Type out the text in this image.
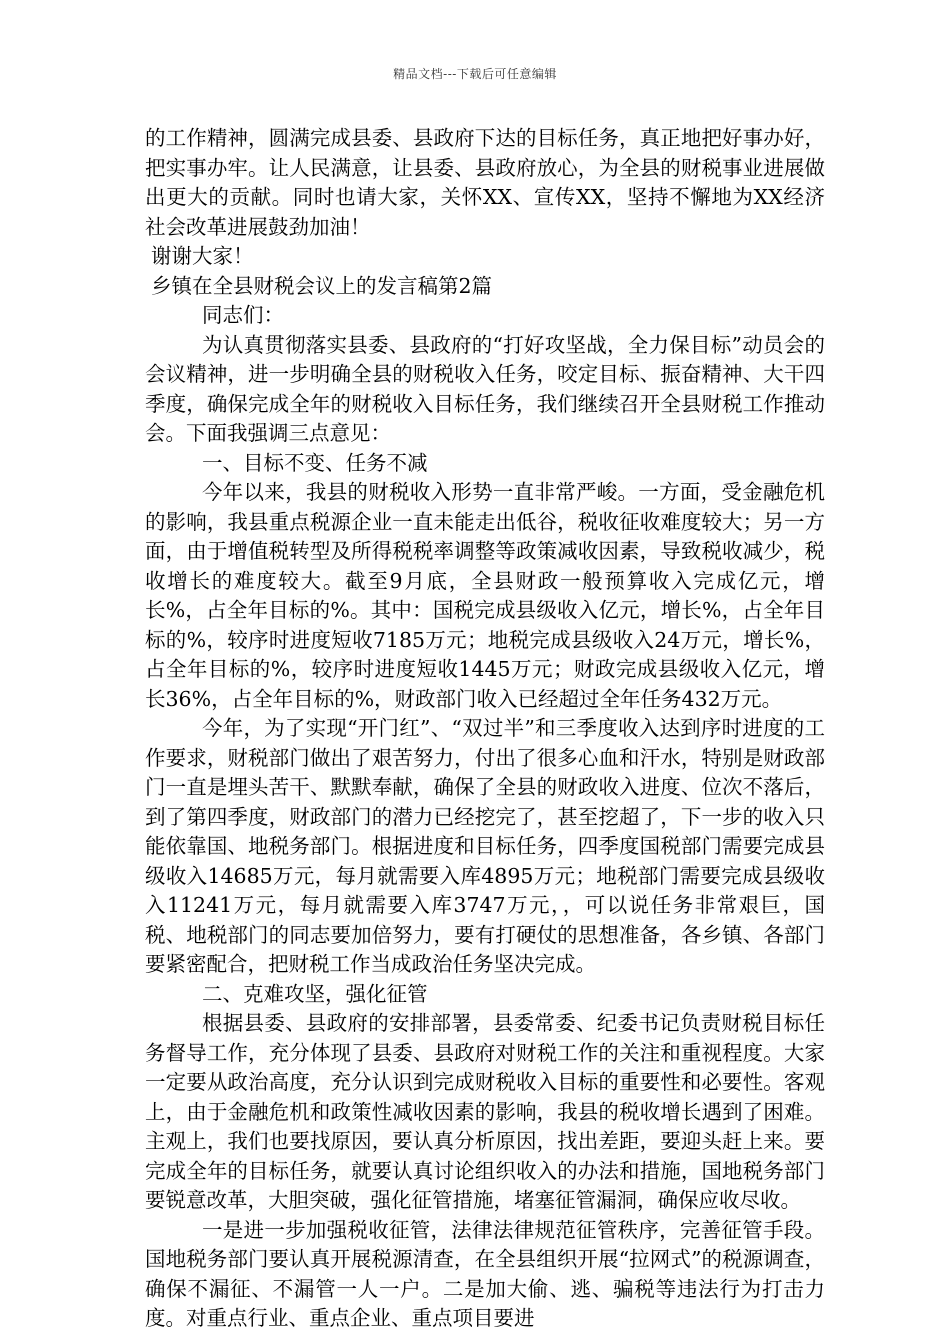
精品文档---下载后可任意编辑

的工作精神，圆满完成县委、县政府下达的目标任务，真正地把好事办好，把实事办牢。让人民满意，让县委、县政府放心，为全县的财税事业进展做出更大的贡献。同时也请大家，关怀XX、宣传XX，坚持不懈地为XX经济社会改革进展鼓劲加油！

谢谢大家！

乡镇在全县财税会议上的发言稿第2篇

同志们：

为认真贯彻落实县委、县政府的“打好攻坚战，全力保目标”动员会的会议精神，进一步明确全县的财税收入任务，咬定目标、振奋精神、大干四季度，确保完成全年的财税收入目标任务，我们继续召开全县财税工作推动会。下面我强调三点意见：

一、目标不变、任务不减

今年以来，我县的财税收入形势一直非常严峻。一方面，受金融危机的影响，我县重点税源企业一直未能走出低谷，税收征收难度较大；另一方面，由于增值税转型及所得税税率调整等政策减收因素，导致税收减少，税收增长的难度较大。截至9月底，全县财政一般预算收入完成亿元，增长%，占全年目标的%。其中：国税完成县级收入亿元，增长%，占全年目标的%，较序时进度短收7185万元；地税完成县级收入24万元，增长%，占全年目标的%，较序时进度短收1445万元；财政完成县级收入亿元，增长36%，占全年目标的%，财政部门收入已经超过全年任务432万元。

今年，为了实现“开门红”、“双过半”和三季度收入达到序时进度的工作要求，财税部门做出了艰苦努力，付出了很多心血和汗水，特别是财政部门一直是埋头苦干、默默奉献，确保了全县的财政收入进度、位次不落后，到了第四季度，财政部门的潜力已经挖完了，甚至挖超了，下一步的收入只能依靠国、地税务部门。根据进度和目标任务，四季度国税部门需要完成县级收入14685万元，每月就需要入库4895万元；地税部门需要完成县级收入11241万元，每月就需要入库3747万元，，可以说任务非常艰巨，国税、地税部门的同志要加倍努力，要有打硬仗的思想准备，各乡镇、各部门要紧密配合，把财税工作当成政治任务坚决完成。

二、克难攻坚，强化征管

根据县委、县政府的安排部署，县委常委、纪委书记负责财税目标任务督导工作，充分体现了县委、县政府对财税工作的关注和重视程度。大家一定要从政治高度，充分认识到完成财税收入目标的重要性和必要性。客观上，由于金融危机和政策性减收因素的影响，我县的税收增长遇到了困难。主观上，我们也要找原因，要认真分析原因，找出差距，要迎头赶上来。要完成全年的目标任务，就要认真讨论组织收入的办法和措施，国地税务部门要锐意改革，大胆突破，强化征管措施，堵塞征管漏洞，确保应收尽收。

一是进一步加强税收征管，法律法律规范征管秩序，完善征管手段。国地税务部门要认真开展税源清查，在全县组织开展“拉网式”的税源调查，确保不漏征、不漏管一人一户。二是加大偷、逃、骗税等违法行为打击力度。对重点行业、重点企业、重点项目要进
